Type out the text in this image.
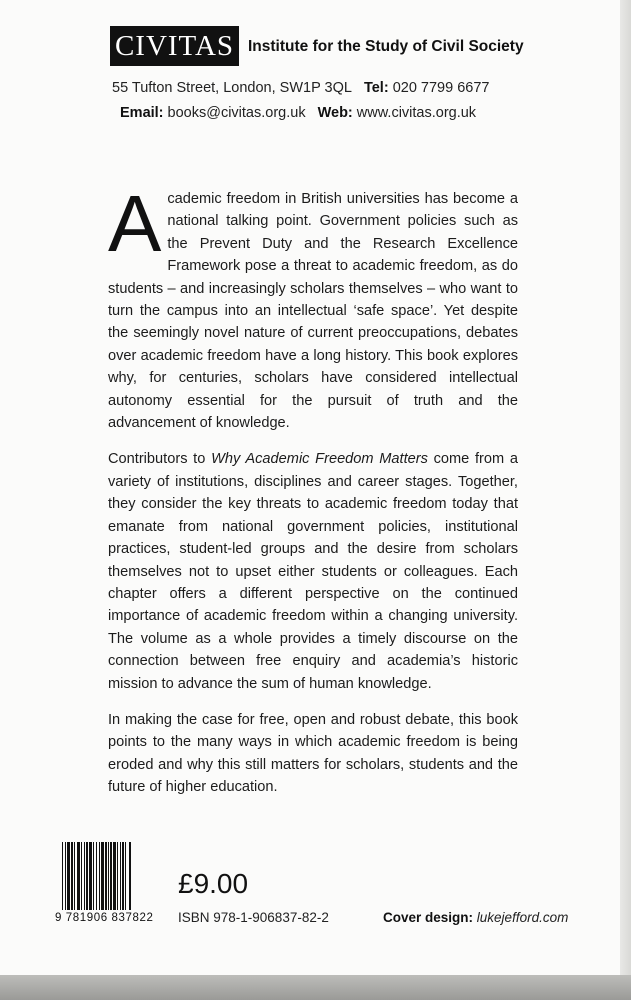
CIVITAS Institute for the Study of Civil Society
55 Tufton Street, London, SW1P 3QL Tel: 020 7799 6677
Email: books@civitas.org.uk Web: www.civitas.org.uk

Academic freedom in British universities has become a national talking point. Government policies such as the Prevent Duty and the Research Excellence Framework pose a threat to academic freedom, as do students – and increasingly scholars themselves – who want to turn the campus into an intellectual ‘safe space’. Yet despite the seemingly novel nature of current preoccupations, debates over academic freedom have a long history. This book explores why, for centuries, scholars have considered intellectual autonomy essential for the pursuit of truth and the advancement of knowledge.

Contributors to Why Academic Freedom Matters come from a variety of institutions, disciplines and career stages. Together, they consider the key threats to academic freedom today that emanate from national government policies, institutional practices, student-led groups and the desire from scholars themselves not to upset either students or colleagues. Each chapter offers a different perspective on the continued importance of academic freedom within a changing university. The volume as a whole provides a timely discourse on the connection between free enquiry and academia’s historic mission to advance the sum of human knowledge.

In making the case for free, open and robust debate, this book points to the many ways in which academic freedom is being eroded and why this still matters for scholars, students and the future of higher education.

9 781906 837822
£9.00
ISBN 978-1-906837-82-2	Cover design: lukejefford.com
